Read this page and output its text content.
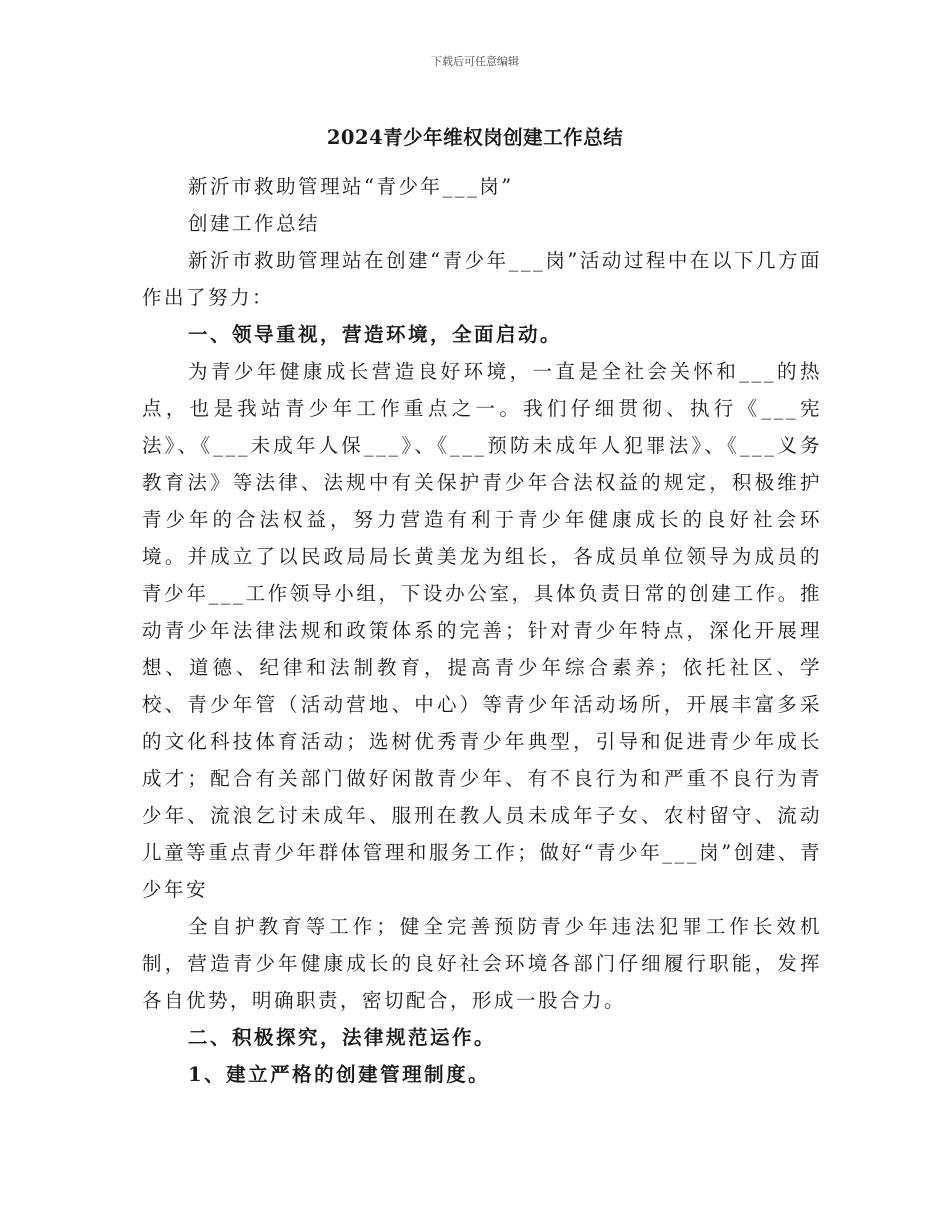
下载后可任意编辑
2024青少年维权岗创建工作总结

新沂市救助管理站“青少年___岗”

创建工作总结

新沂市救助管理站在创建“青少年___岗”活动过程中在以下几方面作出了努力：

一、领导重视，营造环境，全面启动。

为青少年健康成长营造良好环境，一直是全社会关怀和___的热点，也是我站青少年工作重点之一。我们仔细贯彻、执行《___宪法》、《___未成年人保___》、《___预防未成年人犯罪法》、《___义务教育法》等法律、法规中有关保护青少年合法权益的规定，积极维护青少年的合法权益，努力营造有利于青少年健康成长的良好社会环境。并成立了以民政局局长黄美龙为组长，各成员单位领导为成员的青少年___工作领导小组，下设办公室，具体负责日常的创建工作。推动青少年法律法规和政策体系的完善；针对青少年特点，深化开展理想、道德、纪律和法制教育，提高青少年综合素养；依托社区、学校、青少年管（活动营地、中心）等青少年活动场所，开展丰富多采的文化科技体育活动；选树优秀青少年典型，引导和促进青少年成长成才；配合有关部门做好闲散青少年、有不良行为和严重不良行为青少年、流浪乞讨未成年、服刑在教人员未成年子女、农村留守、流动儿童等重点青少年群体管理和服务工作；做好“青少年___岗”创建、青少年安

全自护教育等工作；健全完善预防青少年违法犯罪工作长效机制，营造青少年健康成长的良好社会环境各部门仔细履行职能，发挥各自优势，明确职责，密切配合，形成一股合力。

二、积极探究，法律规范运作。

1、建立严格的创建管理制度。
